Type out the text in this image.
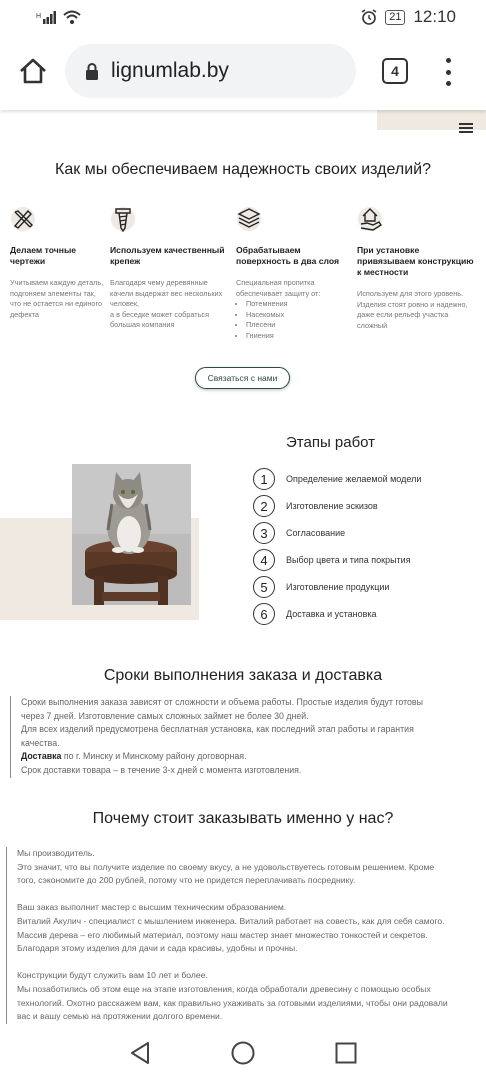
H	21 12:10
lignumlab.by	4
Как мы обеспечиваем надежность своих изделий?
Делаем точные чертежи

Учитываем каждую деталь,
подгоняем элементы так,
что не остается ни единого
дефекта

Используем качественный крепеж

Благодаря чему деревянные
качели выдержат вес нескольких
человек,
а в беседке может собраться
большая компания

Обрабатываем поверхность в два слоя

Специальная пропитка
обеспечивает защиту от:

• Потемнения
• Насекомых
• Плесени
• Гниения
При установке привязываем конструкцию к местности

Используем для этого уровень.
Изделия стоят ровно и надежно,
даже если рельеф участка сложный

Связаться с нами
Этапы работ
1	Определение желаемой модели
2	Изготовление эскизов
3	Согласование
4	Выбор цвета и типа покрытия
5	Изготовление продукции
6	Доставка и установка
Сроки выполнения заказа и доставка
Сроки выполнения заказа зависят от сложности и объема работы. Простые изделия будут готовы
через 7 дней. Изготовление самых сложных займет не более 30 дней.
Для всех изделий предусмотрена бесплатная установка, как последний этап работы и гарантия
качества.
Доставка по г. Минску и Минскому району договорная.
Срок доставки товара – в течение 3-х дней с момента изготовления.
Почему стоит заказывать именно у нас?
Мы производитель.
Это значит, что вы получите изделие по своему вкусу, а не удовольствуетесь готовым решением. Кроме
того, сэкономите до 200 рублей, потому что не придется переплачивать посреднику.
Ваш заказ выполнит мастер с высшим техническим образованием.
Виталий Акулич - специалист с мышлением инженера. Виталий работает на совесть, как для себя самого.
Массив дерева – его любимый материал, поэтому наш мастер знает множество тонкостей и секретов.
Благодаря этому изделия для дачи и сада красивы, удобны и прочны.
Конструкции будут служить вам 10 лет и более.
Мы позаботились об этом еще на этапе изготовления, когда обработали древесину с помощью особых
технологий. Охотно расскажем вам, как правильно ухаживать за готовыми изделиями, чтобы они радовали
вас и вашу семью на протяжении долгого времени.
